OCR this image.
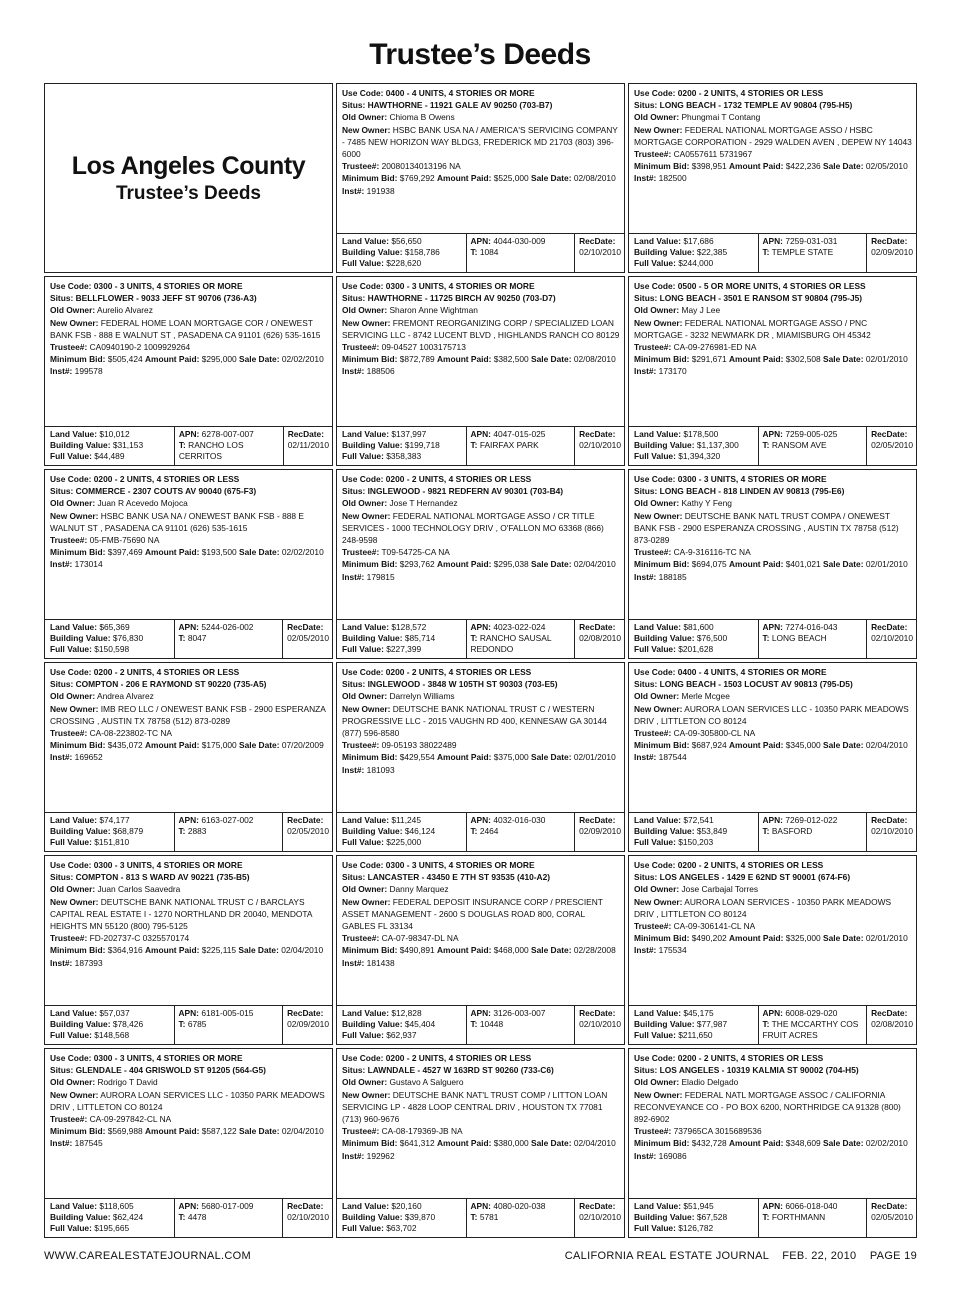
Trustee’s Deeds
Los Angeles County
Trustee’s Deeds
Use Code: 0400 - 4 UNITS, 4 STORIES OR MORE
Situs: HAWTHORNE - 11921 GALE AV 90250 (703-B7)
Old Owner: Chioma B Owens
New Owner: HSBC BANK USA NA / AMERICA'S SERVICING COMPANY - 7485 NEW HORIZON WAY BLDG3, FREDERICK MD 21703 (803) 396-6000
Trustee#: 20080134013196 NA
Minimum Bid: $769,292 Amount Paid: $525,000 Sale Date: 02/08/2010 Inst#: 191938
Land Value: $56,650
Building Value: $158,786
Full Value: $228,620
APN: 4044-030-009
T: 1084
RecDate:
02/10/2010
Use Code: 0200 - 2 UNITS, 4 STORIES OR LESS
Situs: LONG BEACH - 1732 TEMPLE AV 90804 (795-H5)
Old Owner: Phungmai T Contang
New Owner: FEDERAL NATIONAL MORTGAGE ASSO / HSBC MORTGAGE CORPORATION - 2929 WALDEN AVEN , DEPEW NY 14043
Trustee#: CA0557611 5731967
Minimum Bid: $398,951 Amount Paid: $422,236 Sale Date: 02/05/2010 Inst#: 182500
Land Value: $17,686
Building Value: $22,385
Full Value: $244,000
APN: 7259-031-031
T: TEMPLE STATE
RecDate:
02/09/2010
Use Code: 0300 - 3 UNITS, 4 STORIES OR MORE
Situs: BELLFLOWER - 9033 JEFF ST 90706 (736-A3)
Old Owner: Aurelio Alvarez
New Owner: FEDERAL HOME LOAN MORTGAGE COR / ONEWEST BANK FSB - 888 E WALNUT ST , PASADENA CA 91101 (626) 535-1615
Trustee#: CA0940190-2 1009929264
Minimum Bid: $505,424 Amount Paid: $295,000 Sale Date: 02/02/2010 Inst#: 199578
Land Value: $10,012
Building Value: $31,153
Full Value: $44,489
APN: 6278-007-007
T: RANCHO LOS CERRITOS
RecDate:
02/11/2010
Use Code: 0300 - 3 UNITS, 4 STORIES OR MORE
Situs: HAWTHORNE - 11725 BIRCH AV 90250 (703-D7)
Old Owner: Sharon Anne Wightman
New Owner: FREMONT REORGANIZING CORP / SPECIALIZED LOAN SERVICING LLC - 8742 LUCENT BLVD , HIGHLANDS RANCH CO 80129
Trustee#: 09-04527 1003175713
Minimum Bid: $872,789 Amount Paid: $382,500 Sale Date: 02/08/2010 Inst#: 188506
Land Value: $137,997
Building Value: $199,718
Full Value: $358,383
APN: 4047-015-025
T: FAIRFAX PARK
RecDate:
02/10/2010
Use Code: 0500 - 5 OR MORE UNITS, 4 STORIES OR LESS
Situs: LONG BEACH - 3501 E RANSOM ST 90804 (795-J5)
Old Owner: May J Lee
New Owner: FEDERAL NATIONAL MORTGAGE ASSO / PNC MORTGAGE - 3232 NEWMARK DR , MIAMISBURG OH 45342
Trustee#: CA-09-276981-ED NA
Minimum Bid: $291,671 Amount Paid: $302,508 Sale Date: 02/01/2010 Inst#: 173170
Land Value: $178,500
Building Value: $1,137,300
Full Value: $1,394,320
APN: 7259-005-025
T: RANSOM AVE
RecDate:
02/05/2010
Use Code: 0200 - 2 UNITS, 4 STORIES OR LESS
Situs: COMMERCE - 2307 COUTS AV 90040 (675-F3)
Old Owner: Juan R Acevedo Mojoca
New Owner: HSBC BANK USA NA / ONEWEST BANK FSB - 888 E WALNUT ST , PASADENA CA 91101 (626) 535-1615
Trustee#: 05-FMB-75690 NA
Minimum Bid: $397,469 Amount Paid: $193,500 Sale Date: 02/02/2010 Inst#: 173014
Land Value: $65,369
Building Value: $76,830
Full Value: $150,598
APN: 5244-026-002
T: 8047
RecDate:
02/05/2010
Use Code: 0200 - 2 UNITS, 4 STORIES OR LESS
Situs: INGLEWOOD - 9821 REDFERN AV 90301 (703-B4)
Old Owner: Jose T Hernandez
New Owner: FEDERAL NATIONAL MORTGAGE ASSO / CR TITLE SERVICES - 1000 TECHNOLOGY DRIV , O'FALLON MO 63368 (866) 248-9598
Trustee#: T09-54725-CA NA
Minimum Bid: $293,762 Amount Paid: $295,038 Sale Date: 02/04/2010 Inst#: 179815
Land Value: $128,572
Building Value: $85,714
Full Value: $227,399
APN: 4023-022-024
T: RANCHO SAUSAL REDONDO
RecDate:
02/08/2010
Use Code: 0300 - 3 UNITS, 4 STORIES OR MORE
Situs: LONG BEACH - 818 LINDEN AV 90813 (795-E6)
Old Owner: Kathy Y Feng
New Owner: DEUTSCHE BANK NATL TRUST COMPA / ONEWEST BANK FSB - 2900 ESPERANZA CROSSING , AUSTIN TX 78758 (512) 873-0289
Trustee#: CA-9-316116-TC NA
Minimum Bid: $694,075 Amount Paid: $401,021 Sale Date: 02/01/2010 Inst#: 188185
Land Value: $81,600
Building Value: $76,500
Full Value: $201,628
APN: 7274-016-043
T: LONG BEACH
RecDate:
02/10/2010
Use Code: 0200 - 2 UNITS, 4 STORIES OR LESS
Situs: COMPTON - 206 E RAYMOND ST 90220 (735-A5)
Old Owner: Andrea Alvarez
New Owner: IMB REO LLC / ONEWEST BANK FSB - 2900 ESPERANZA CROSSING , AUSTIN TX 78758 (512) 873-0289
Trustee#: CA-08-223802-TC NA
Minimum Bid: $435,072 Amount Paid: $175,000 Sale Date: 07/20/2009 Inst#: 169652
Land Value: $74,177
Building Value: $68,879
Full Value: $151,810
APN: 6163-027-002
T: 2883
RecDate:
02/05/2010
Use Code: 0200 - 2 UNITS, 4 STORIES OR LESS
Situs: INGLEWOOD - 3848 W 105TH ST 90303 (703-E5)
Old Owner: Darrelyn Williams
New Owner: DEUTSCHE BANK NATIONAL TRUST C / WESTERN PROGRESSIVE LLC - 2015 VAUGHN RD 400, KENNESAW GA 30144 (877) 596-8580
Trustee#: 09-05193 38022489
Minimum Bid: $429,554 Amount Paid: $375,000 Sale Date: 02/01/2010 Inst#: 181093
Land Value: $11,245
Building Value: $46,124
Full Value: $225,000
APN: 4032-016-030
T: 2464
RecDate:
02/09/2010
Use Code: 0400 - 4 UNITS, 4 STORIES OR MORE
Situs: LONG BEACH - 1503 LOCUST AV 90813 (795-D5)
Old Owner: Merle Mcgee
New Owner: AURORA LOAN SERVICES LLC - 10350 PARK MEADOWS DRIV , LITTLETON CO 80124
Trustee#: CA-09-305800-CL NA
Minimum Bid: $687,924 Amount Paid: $345,000 Sale Date: 02/04/2010 Inst#: 187544
Land Value: $72,541
Building Value: $53,849
Full Value: $150,203
APN: 7269-012-022
T: BASFORD
RecDate:
02/10/2010
Use Code: 0300 - 3 UNITS, 4 STORIES OR MORE
Situs: COMPTON - 813 S WARD AV 90221 (735-B5)
Old Owner: Juan Carlos Saavedra
New Owner: DEUTSCHE BANK NATIONAL TRUST C / BARCLAYS CAPITAL REAL ESTATE I - 1270 NORTHLAND DR 20040, MENDOTA HEIGHTS MN 55120 (800) 795-5125
Trustee#: FD-202737-C 0325570174
Minimum Bid: $364,916 Amount Paid: $225,115 Sale Date: 02/04/2010 Inst#: 187393
Land Value: $57,037
Building Value: $78,426
Full Value: $148,568
APN: 6181-005-015
T: 6785
RecDate:
02/09/2010
Use Code: 0300 - 3 UNITS, 4 STORIES OR MORE
Situs: LANCASTER - 43450 E 7TH ST 93535 (410-A2)
Old Owner: Danny Marquez
New Owner: FEDERAL DEPOSIT INSURANCE CORP / PRESCIENT ASSET MANAGEMENT - 2600 S DOUGLAS ROAD 800, CORAL GABLES FL 33134
Trustee#: CA-07-98347-DL NA
Minimum Bid: $490,891 Amount Paid: $468,000 Sale Date: 02/28/2008 Inst#: 181438
Land Value: $12,828
Building Value: $45,404
Full Value: $62,937
APN: 3126-003-007
T: 10448
RecDate:
02/10/2010
Use Code: 0200 - 2 UNITS, 4 STORIES OR LESS
Situs: LOS ANGELES - 1429 E 62ND ST 90001 (674-F6)
Old Owner: Jose Carbajal Torres
New Owner: AURORA LOAN SERVICES - 10350 PARK MEADOWS DRIV , LITTLETON CO 80124
Trustee#: CA-09-306141-CL NA
Minimum Bid: $490,202 Amount Paid: $325,000 Sale Date: 02/01/2010 Inst#: 175534
Land Value: $45,175
Building Value: $77,987
Full Value: $211,650
APN: 6008-029-020
T: THE MCCARTHY COS FRUIT ACRES
RecDate:
02/08/2010
Use Code: 0300 - 3 UNITS, 4 STORIES OR MORE
Situs: GLENDALE - 404 GRISWOLD ST 91205 (564-G5)
Old Owner: Rodrigo T David
New Owner: AURORA LOAN SERVICES LLC - 10350 PARK MEADOWS DRIV , LITTLETON CO 80124
Trustee#: CA-09-297842-CL NA
Minimum Bid: $569,988 Amount Paid: $587,122 Sale Date: 02/04/2010 Inst#: 187545
Land Value: $118,605
Building Value: $62,424
Full Value: $195,665
APN: 5680-017-009
T: 4478
RecDate:
02/10/2010
Use Code: 0200 - 2 UNITS, 4 STORIES OR LESS
Situs: LAWNDALE - 4527 W 163RD ST 90260 (733-C6)
Old Owner: Gustavo A Salguero
New Owner: DEUTSCHE BANK NAT'L TRUST COMP / LITTON LOAN SERVICING LP - 4828 LOOP CENTRAL DRIV , HOUSTON TX 77081 (713) 960-9676
Trustee#: CA-08-179369-JB NA
Minimum Bid: $641,312 Amount Paid: $380,000 Sale Date: 02/04/2010 Inst#: 192962
Land Value: $20,160
Building Value: $39,870
Full Value: $63,702
APN: 4080-020-038
T: 5781
RecDate:
02/10/2010
Use Code: 0200 - 2 UNITS, 4 STORIES OR LESS
Situs: LOS ANGELES - 10319 KALMIA ST 90002 (704-H5)
Old Owner: Eladio Delgado
New Owner: FEDERAL NATL MORTGAGE ASSOC / CALIFORNIA RECONVEYANCE CO - PO BOX 6200, NORTHRIDGE CA 91328 (800) 892-6902
Trustee#: 737965CA 3015689536
Minimum Bid: $432,728 Amount Paid: $348,609 Sale Date: 02/02/2010 Inst#: 169086
Land Value: $51,945
Building Value: $67,528
Full Value: $126,782
APN: 6066-018-040
T: FORTHMANN
RecDate:
02/05/2010
WWW.CAREALESTATEJOURNAL.COM	CALIFORNIA REAL ESTATE JOURNAL    FEB. 22, 2010    PAGE 19
